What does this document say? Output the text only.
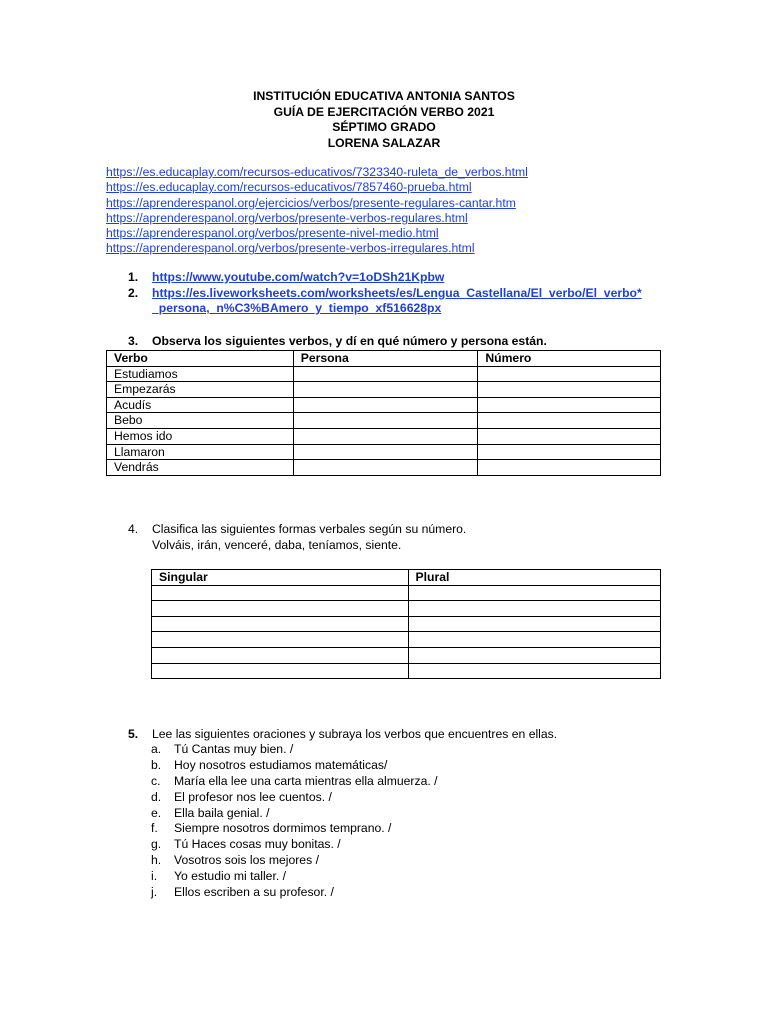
INSTITUCIÓN EDUCATIVA ANTONIA SANTOS
GUÍA DE EJERCITACIÓN VERBO 2021
SÉPTIMO GRADO
LORENA SALAZAR
https://es.educaplay.com/recursos-educativos/7323340-ruleta_de_verbos.html
https://es.educaplay.com/recursos-educativos/7857460-prueba.html
https://aprenderespanol.org/ejercicios/verbos/presente-regulares-cantar.htm
https://aprenderespanol.org/verbos/presente-verbos-regulares.html
https://aprenderespanol.org/verbos/presente-nivel-medio.html
https://aprenderespanol.org/verbos/presente-verbos-irregulares.html
1.	https://www.youtube.com/watch?v=1oDSh21Kpbw
2.	https://es.liveworksheets.com/worksheets/es/Lengua_Castellana/El_verbo/El_verbo*
_persona,_n%C3%BAmero_y_tiempo_xf516628px
3.	Observa los siguientes verbos, y dí en qué número y persona están.
Verbo	Persona	Número
Estudiamos		
Empezarás		
Acudís		
Bebo		
Hemos ido		
Llamaron		
Vendrás		
4.	Clasifica las siguientes formas verbales según su número.
Volváis, irán, venceré, daba, teníamos, siente.
Singular	Plural

5.	Lee las siguientes oraciones y subraya los verbos que encuentres en ellas.
a.	Tú Cantas muy bien. /
b.	Hoy nosotros estudiamos matemáticas/
c.	María ella lee una carta mientras ella almuerza. /
d.	El profesor nos lee cuentos. /
e.	Ella baila genial. /
f.	Siempre nosotros dormimos temprano. /
g.	Tú Haces cosas muy bonitas. /
h.	Vosotros sois los mejores /
i.	Yo estudio mi taller. /
j.	Ellos escriben a su profesor. /
